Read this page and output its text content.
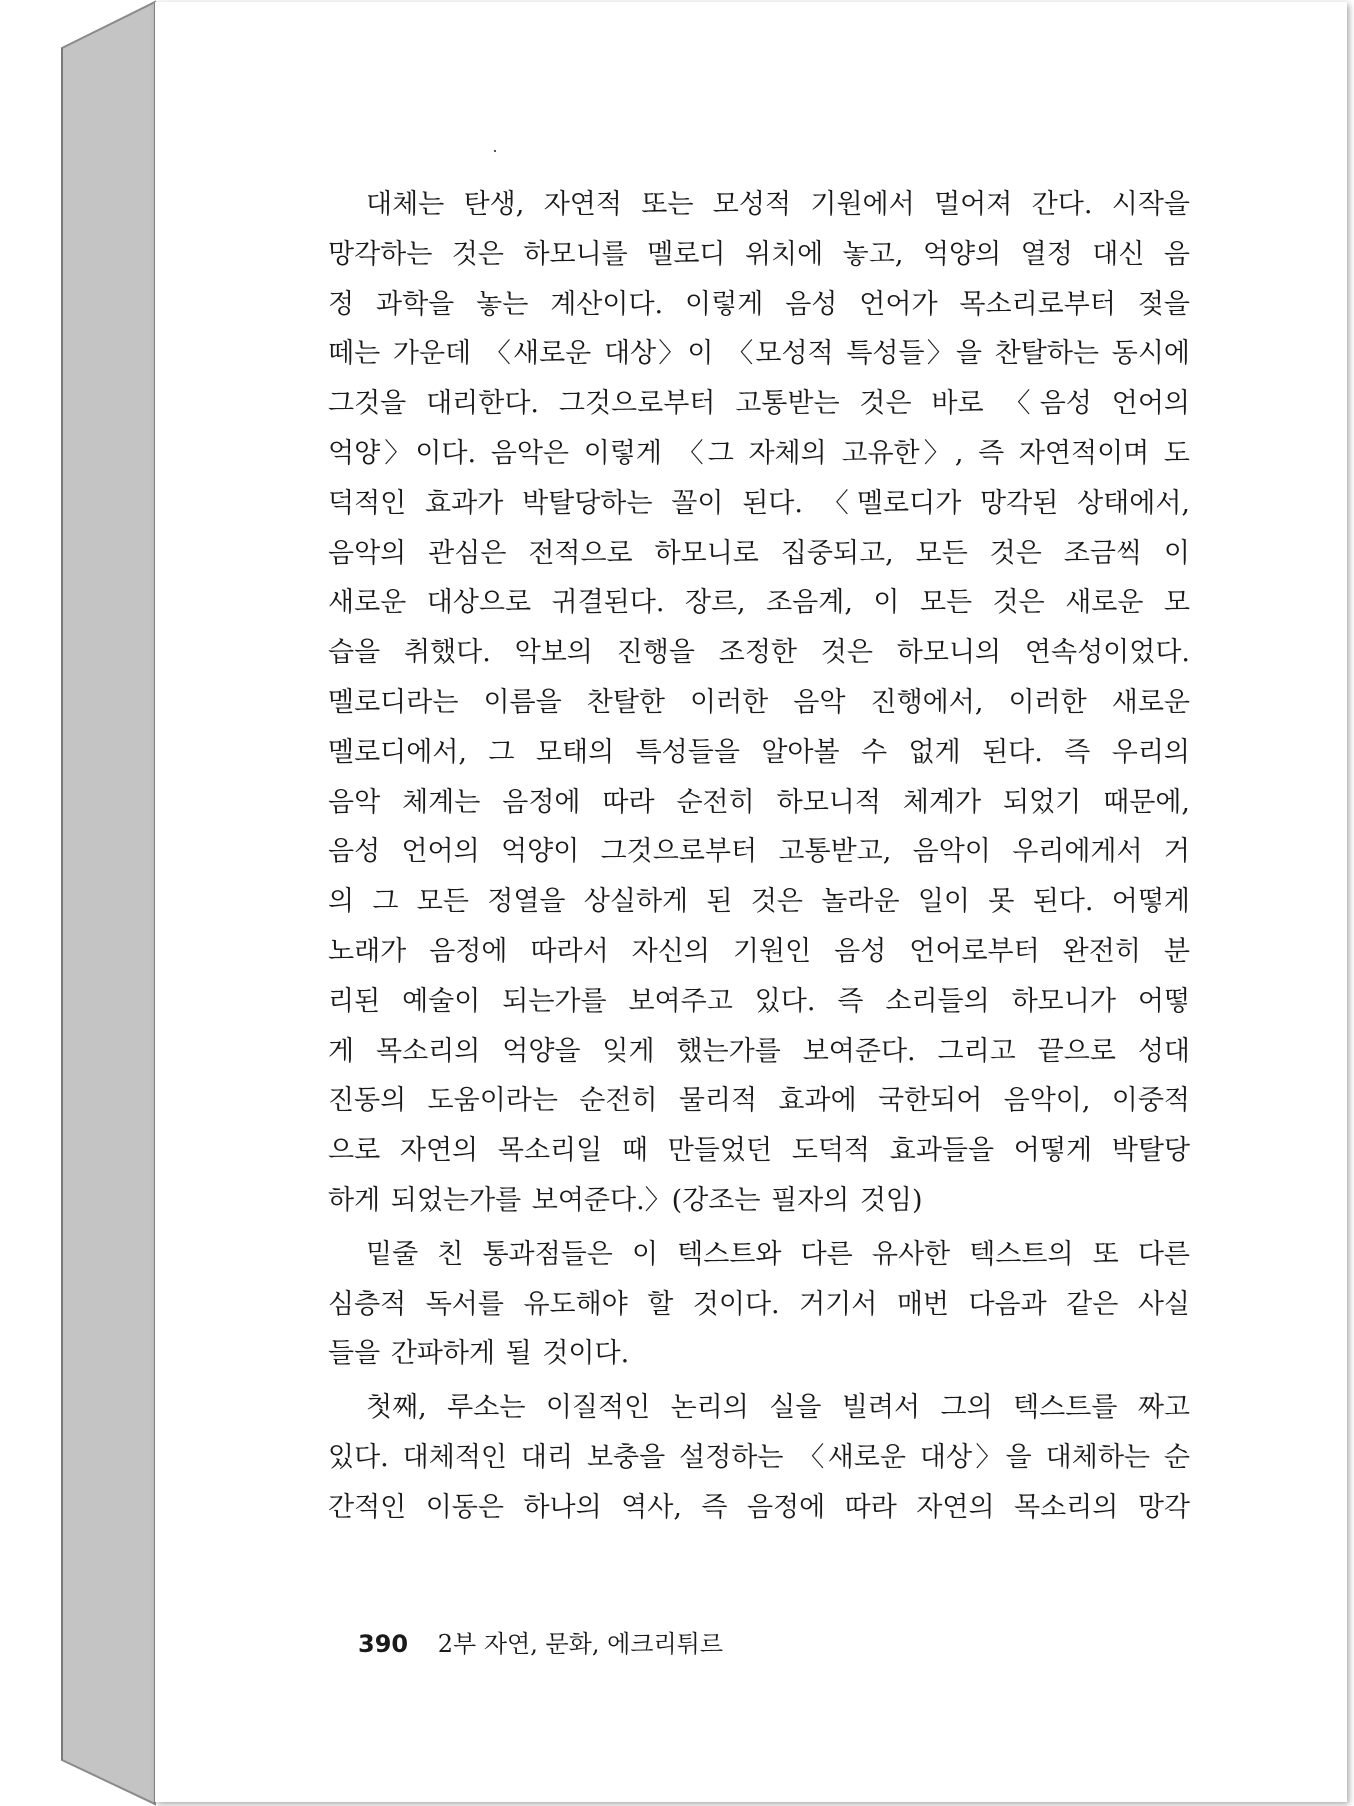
대체는 탄생, 자연적 또는 모성적 기원에서 멀어져 간다. 시작을
망각하는 것은 하모니를 멜로디 위치에 놓고, 억양의 열정 대신 음
정 과학을 놓는 계산이다. 이렇게 음성 언어가 목소리로부터 젖을
떼는 가운데 〈새로운 대상〉이 〈모성적 특성들〉을 찬탈하는 동시에
그것을 대리한다. 그것으로부터 고통받는 것은 바로 〈음성 언어의
억양〉이다. 음악은 이렇게 〈그 자체의 고유한〉, 즉 자연적이며 도
덕적인 효과가 박탈당하는 꼴이 된다. 〈멜로디가 망각된 상태에서,
음악의 관심은 전적으로 하모니로 집중되고, 모든 것은 조금씩 이
새로운 대상으로 귀결된다. 장르, 조음계, 이 모든 것은 새로운 모
습을 취했다. 악보의 진행을 조정한 것은 하모니의 연속성이었다.
멜로디라는 이름을 찬탈한 이러한 음악 진행에서, 이러한 새로운
멜로디에서, 그 모태의 특성들을 알아볼 수 없게 된다. 즉 우리의
음악 체계는 음정에 따라 순전히 하모니적 체계가 되었기 때문에,
음성 언어의 억양이 그것으로부터 고통받고, 음악이 우리에게서 거
의 그 모든 정열을 상실하게 된 것은 놀라운 일이 못 된다. 어떻게
노래가 음정에 따라서 자신의 기원인 음성 언어로부터 완전히 분
리된 예술이 되는가를 보여주고 있다. 즉 소리들의 하모니가 어떻
게 목소리의 억양을 잊게 했는가를 보여준다. 그리고 끝으로 성대
진동의 도움이라는 순전히 물리적 효과에 국한되어 음악이, 이중적
으로 자연의 목소리일 때 만들었던 도덕적 효과들을 어떻게 박탈당
하게 되었는가를 보여준다.〉(강조는 필자의 것임)

밑줄 친 통과점들은 이 텍스트와 다른 유사한 텍스트의 또 다른
심층적 독서를 유도해야 할 것이다. 거기서 매번 다음과 같은 사실
들을 간파하게 될 것이다.

첫째, 루소는 이질적인 논리의 실을 빌려서 그의 텍스트를 짜고
있다. 대체적인 대리 보충을 설정하는 〈새로운 대상〉을 대체하는 순
간적인 이동은 하나의 역사, 즉 음정에 따라 자연의 목소리의 망각

390 2부 자연, 문화, 에크리튀르
